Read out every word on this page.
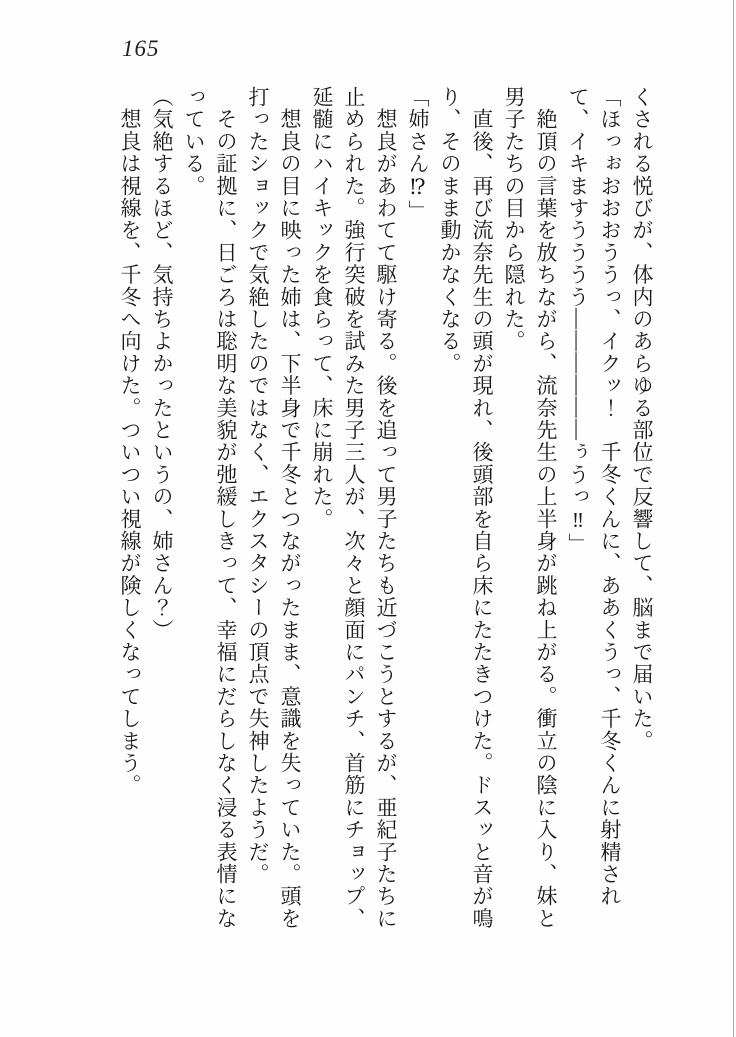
165

くされる悦びが、体内のあらゆる部位で反響して、脳まで届いた。

「ほっぉおおおううっ、イクッ！　千冬くんに、ああくうっ、千冬くんに射精され

て、イキますうううう――――――ぅうっ‼」

　絶頂の言葉を放ちながら、流奈先生の上半身が跳ね上がる。衝立の陰に入り、妹と

男子たちの目から隠れた。

　直後、再び流奈先生の頭が現れ、後頭部を自ら床にたたきつけた。ドスッと音が鳴

り、そのまま動かなくなる。

「姉さん⁉」

　想良があわてて駆け寄る。後を追って男子たちも近づこうとするが、亜紀子たちに

止められた。強行突破を試みた男子三人が、次々と顔面にパンチ、首筋にチョップ、

延髄にハイキックを食らって、床に崩れた。

　想良の目に映った姉は、下半身で千冬とつながったまま、意識を失っていた。頭を

打ったショックで気絶したのではなく、エクスタシーの頂点で失神したようだ。

　その証拠に、日ごろは聡明な美貌が弛緩しきって、幸福にだらしなく浸る表情にな

っている。

（気絶するほど、気持ちよかったというの、姉さん？）

　想良は視線を、千冬へ向けた。ついつい視線が険しくなってしまう。
